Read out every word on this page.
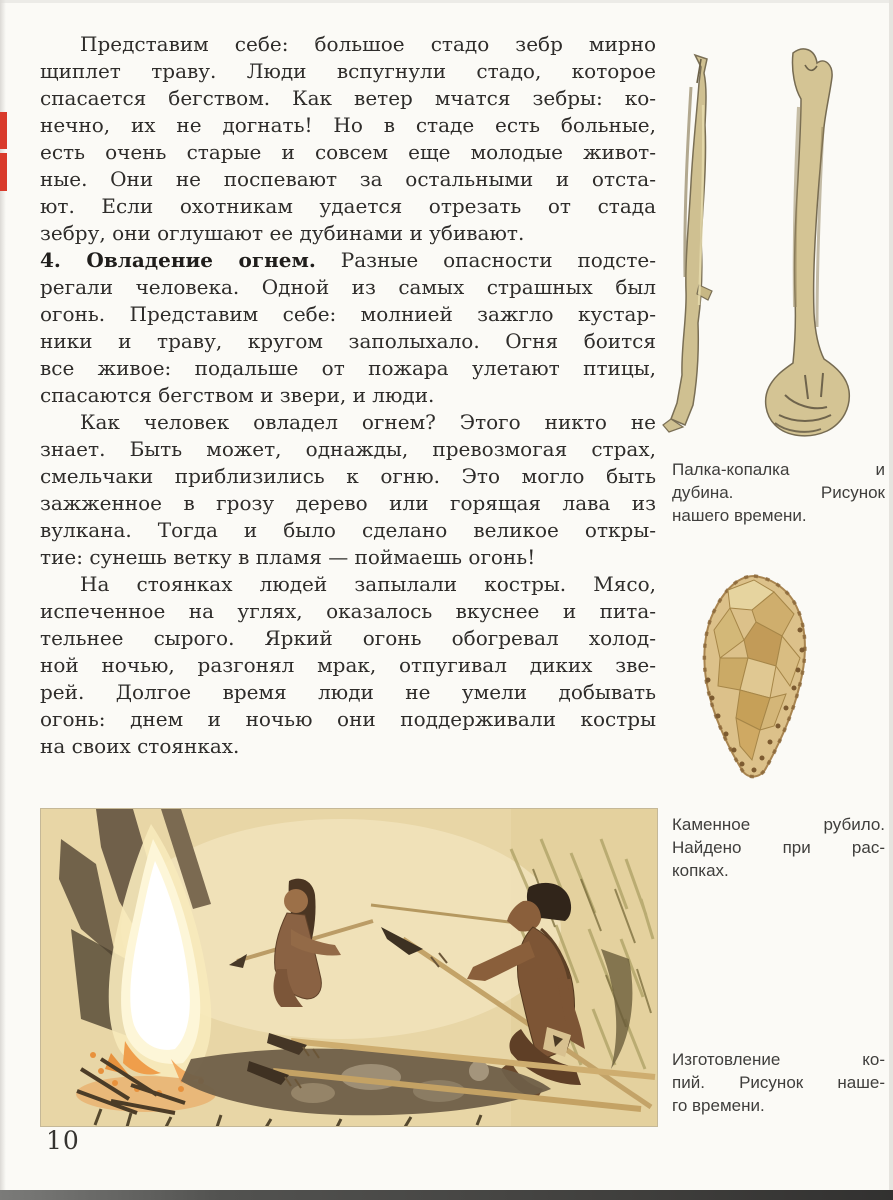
Представим себе: большое стадо зебр мирно
щиплет траву. Люди вспугнули стадо, которое
спасается бегством. Как ветер мчатся зебры: ко-
нечно, их не догнать! Но в стаде есть больные,
есть очень старые и совсем еще молодые живот-
ные. Они не поспевают за остальными и отста-
ют. Если охотникам удается отрезать от стада
зебру, они оглушают ее дубинами и убивают.
4. Овладение огнем. Разные опасности подсте-
регали человека. Одной из самых страшных был
огонь. Представим себе: молнией зажгло кустар-
ники и траву, кругом заполыхало. Огня боится
все живое: подальше от пожара улетают птицы,
спасаются бегством и звери, и люди.
Как человек овладел огнем? Этого никто не
знает. Быть может, однажды, превозмогая страх,
смельчаки приблизились к огню. Это могло быть
зажженное в грозу дерево или горящая лава из
вулкана. Тогда и было сделано великое откры-
тие: сунешь ветку в пламя — поймаешь огонь!
На стоянках людей запылали костры. Мясо,
испеченное на углях, оказалось вкуснее и пита-
тельнее сырого. Яркий огонь обогревал холод-
ной ночью, разгонял мрак, отпугивал диких зве-
рей. Долгое время люди не умели добывать
огонь: днем и ночью они поддерживали костры
на своих стоянках.
Палка-копалка и
дубина. Рисунок
нашего времени.
Каменное рубило.
Найдено при рас-
копках.
Изготовление ко-
пий. Рисунок наше-
го времени.
10
